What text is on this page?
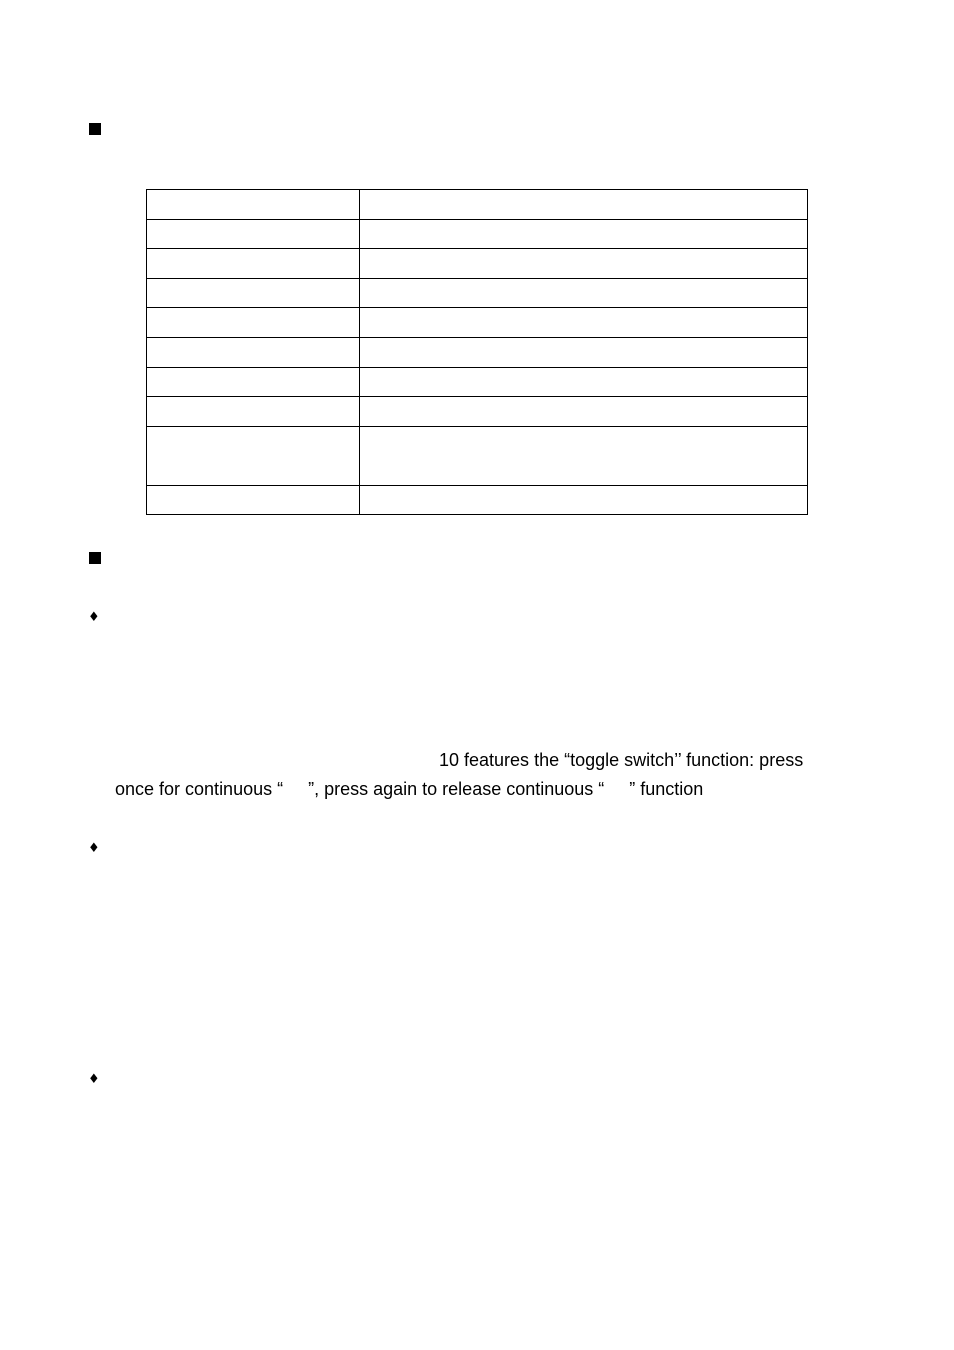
♦
10 features the “toggle switch’’ function: press
once for continuous “     ”, press again to release continuous “     ” function
♦
♦
